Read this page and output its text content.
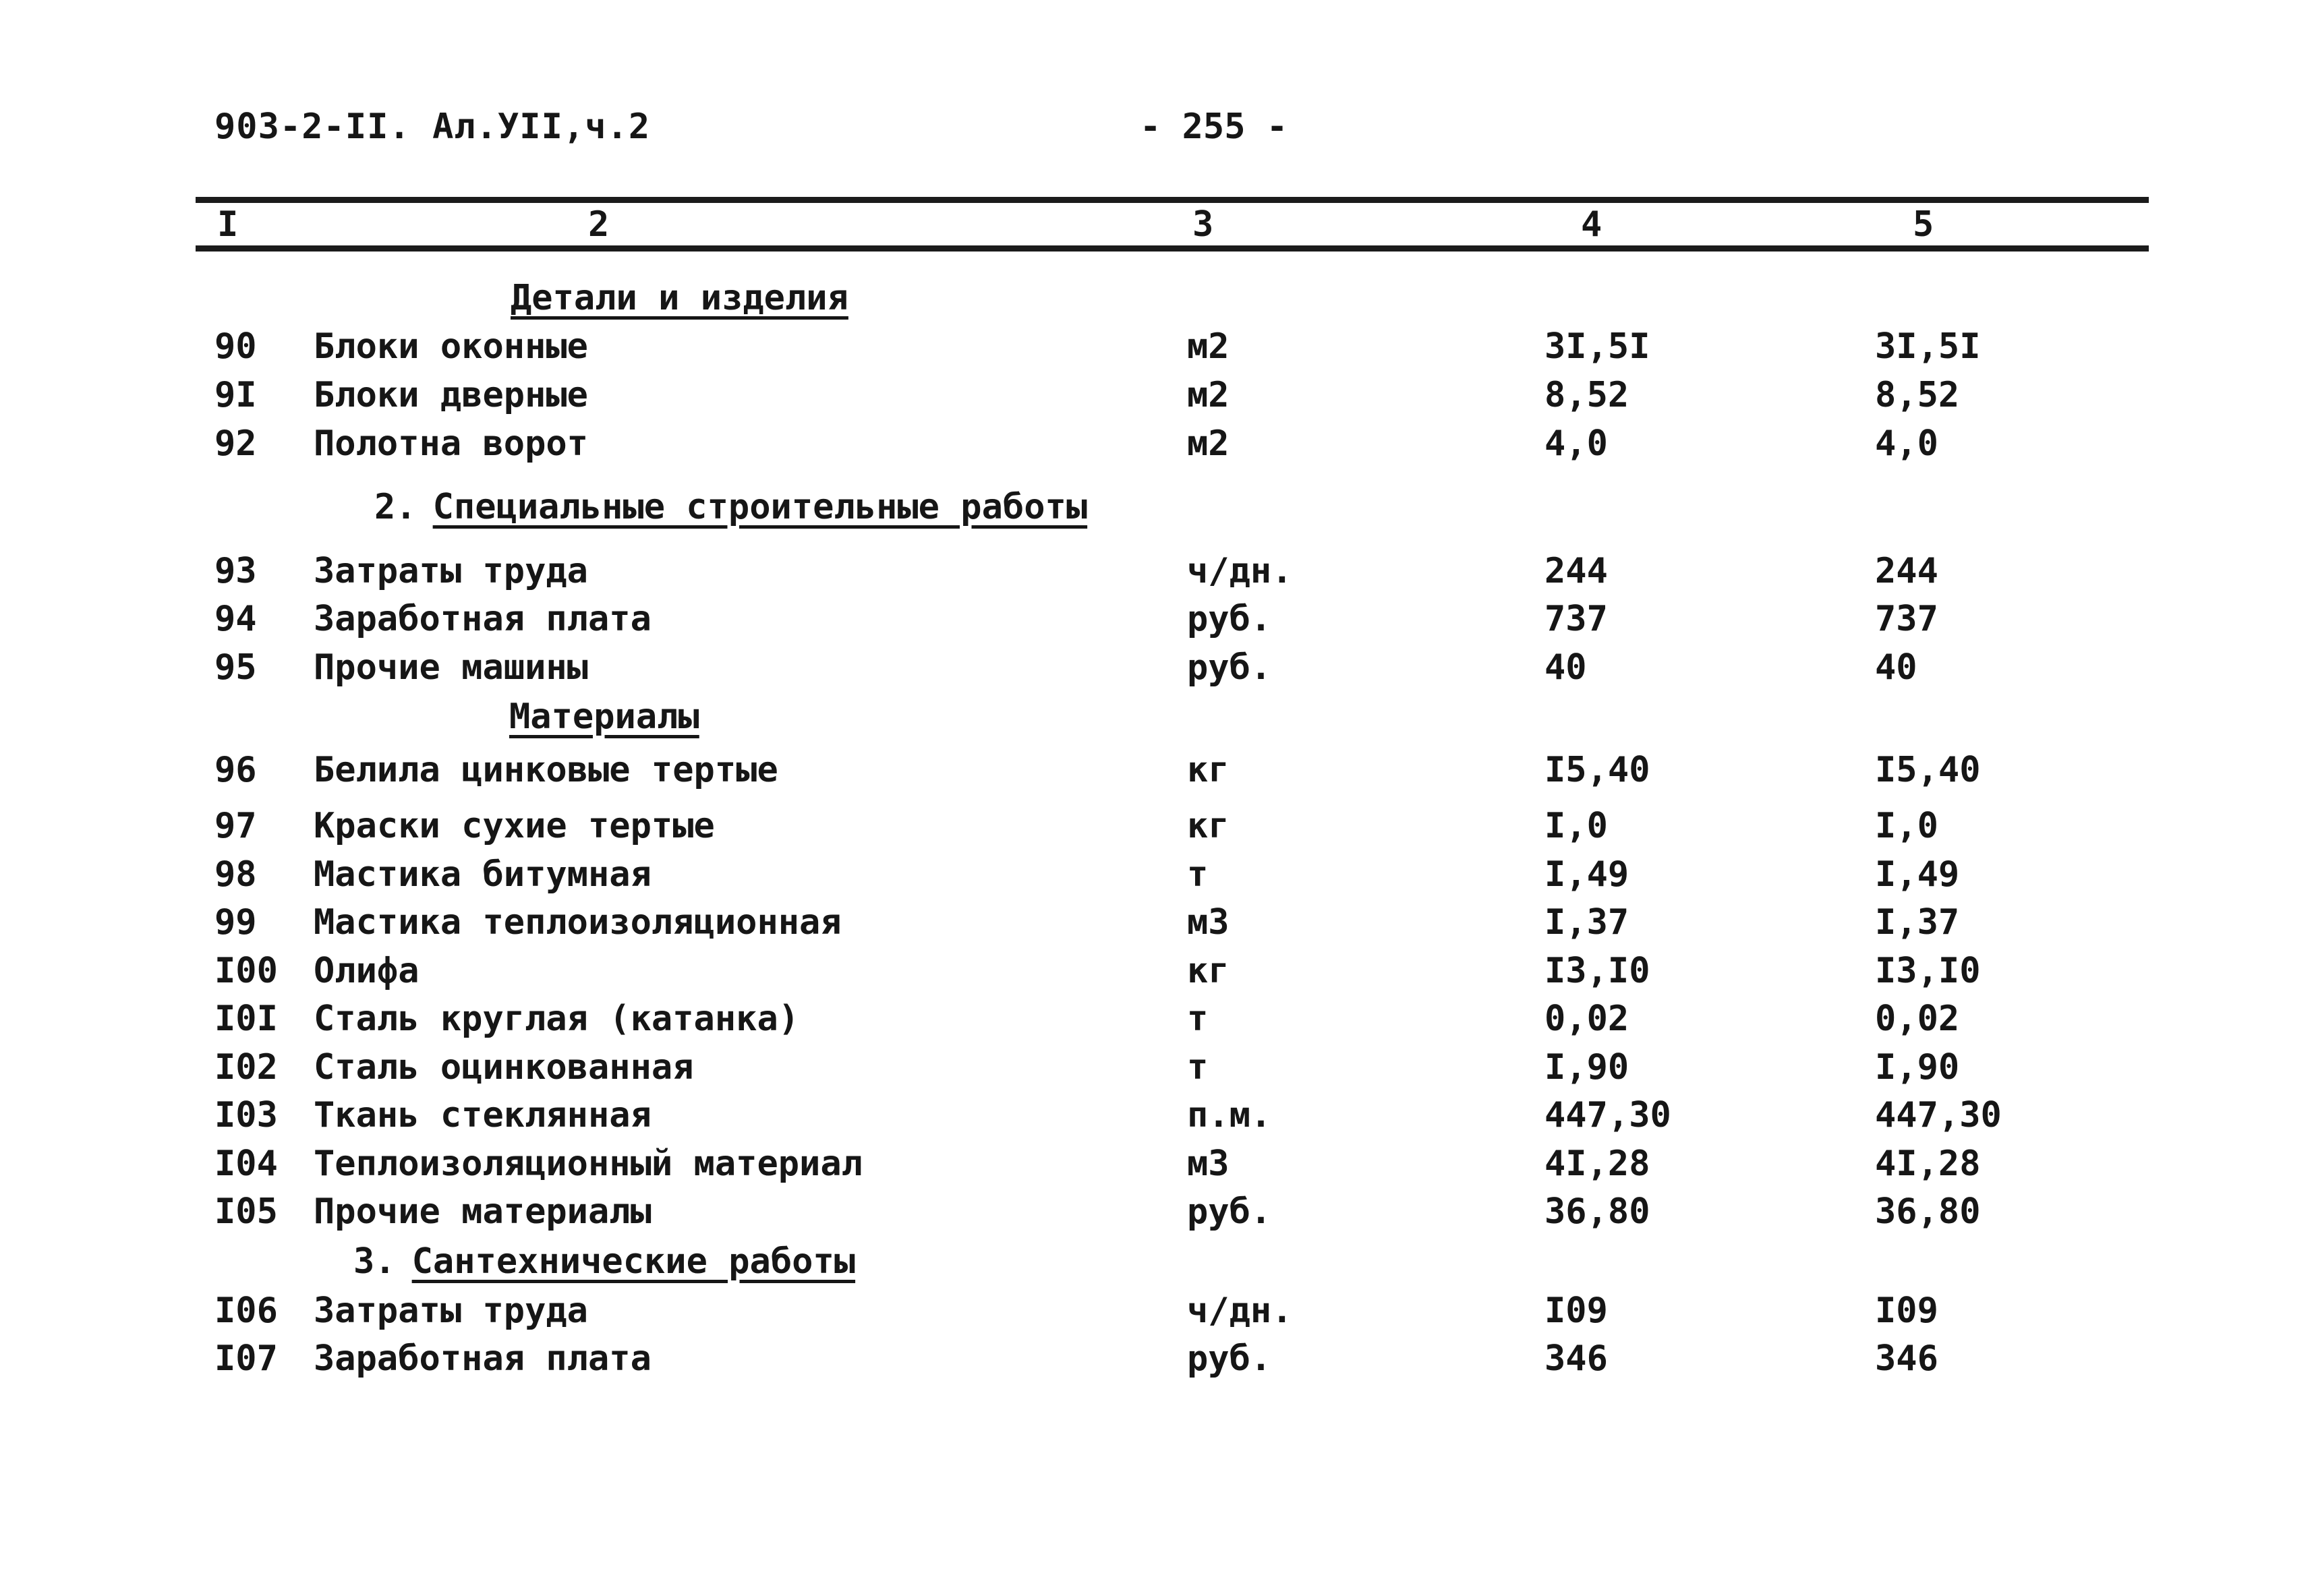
903-2-II. Ал.УII,ч.2	- 255 -
I	2	3	4	5
Детали и изделия
90 Блоки оконные	м2	3I,5I	3I,5I
9I Блоки дверные	м2	8,52	8,52
92 Полотна ворот	м2	4,0	4,0
2. Специальные строительные работы
93 Затраты труда	ч/дн.	244	244
94 Заработная плата	руб.	737	737
95 Прочие машины	руб.	40	40
Материалы
96 Белила цинковые тертые	кг	I5,40	I5,40
97 Краски сухие тертые	кг	I,0	I,0
98 Мастика битумная	т	I,49	I,49
99 Мастика теплоизоляционная	м3	I,37	I,37
I00 Олифа	кг	I3,I0	I3,I0
I0I Сталь круглая (катанка)	т	0,02	0,02
I02 Сталь оцинкованная	т	I,90	I,90
I03 Ткань стеклянная	п.м.	447,30	447,30
I04 Теплоизоляционный материал	м3	4I,28	4I,28
I05 Прочие материалы	руб.	36,80	36,80
3. Сантехнические работы
I06 Затраты труда	ч/дн.	I09	I09
I07 Заработная плата	руб.	346	346
